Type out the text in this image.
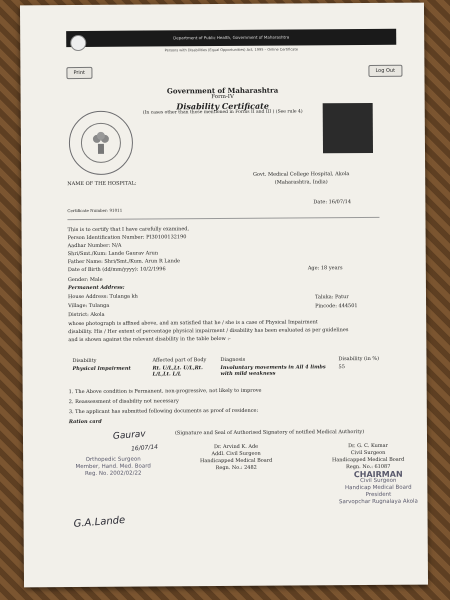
Department of Public Health, Government of Maharashtra
Persons with Disabilities (Equal Opportunities) Act, 1995 – Online Certificate
Print	Log Out
Government of Maharashtra
Form-IV
Disability Certificate
(In cases other than those mentioned in Forms II and III ) (See rule 4)
NAME OF THE HOSPITAL:
Govt. Medical College Hospital, Akola
(Maharashtra, India)
Certificate Number: 91011
Date: 16/07/14
This is to certify that I have carefully examined,
Person Identification Number: PI30100132190
Aadhar Number: N/A
Shri/Smt./Kum: Lande Gaurav Arun
Father Name: Shri/Smt./Kum. Arun R Lande
Date of Birth (dd/mm/yyyy): 10/2/1996	Age: 18 years
Gender: Male
Permanent Address:
House Address: Tulanga kh	Taluka: Patur
Village: Tulanga	Pincode: 444501
District: Akola
whose photograph is affixed above, and am satisfied that he / she is a case of Physical Impairment
disability. His / Her extent of percentage physical impairment / disability has been evaluated as per guidelines
and is shown against the relevant disability in the table below :-
Disability	Affected part of Body	Diagnosis	Disability (in %)
Physical Impairment	Rt. U/L,Lt. U/L,Rt. L/L,Lt. L/L	Involuntary movements in All 4 limbs with mild weakness	55
1. The Above condition is Permanent, non-progressive, not likely to improve
2. Reassessment of disability not necessary
3. The applicant has submitted following documents as proof of residence:
Ration card
(Signature and Seal of Authorised Signatory of notified Medical Authority)
Dr. Arvind K. Ade
Addl. Civil Surgeon
Handicapped Medical Board
Regn. No.: 2482
Dr. G. C. Kumar
Civil Surgeon
Handicapped Medical Board
Regn. No.: 61087
Orthopedic Surgeon
Member, Hand. Med. Board
Reg. No. 2002/02/22	CHAIRMAN
Civil Surgeon
Handicap Medical Board
President
Sarvopchar Rugnalaya Akola
Gaurav
16/07/14
G.A.Lande
